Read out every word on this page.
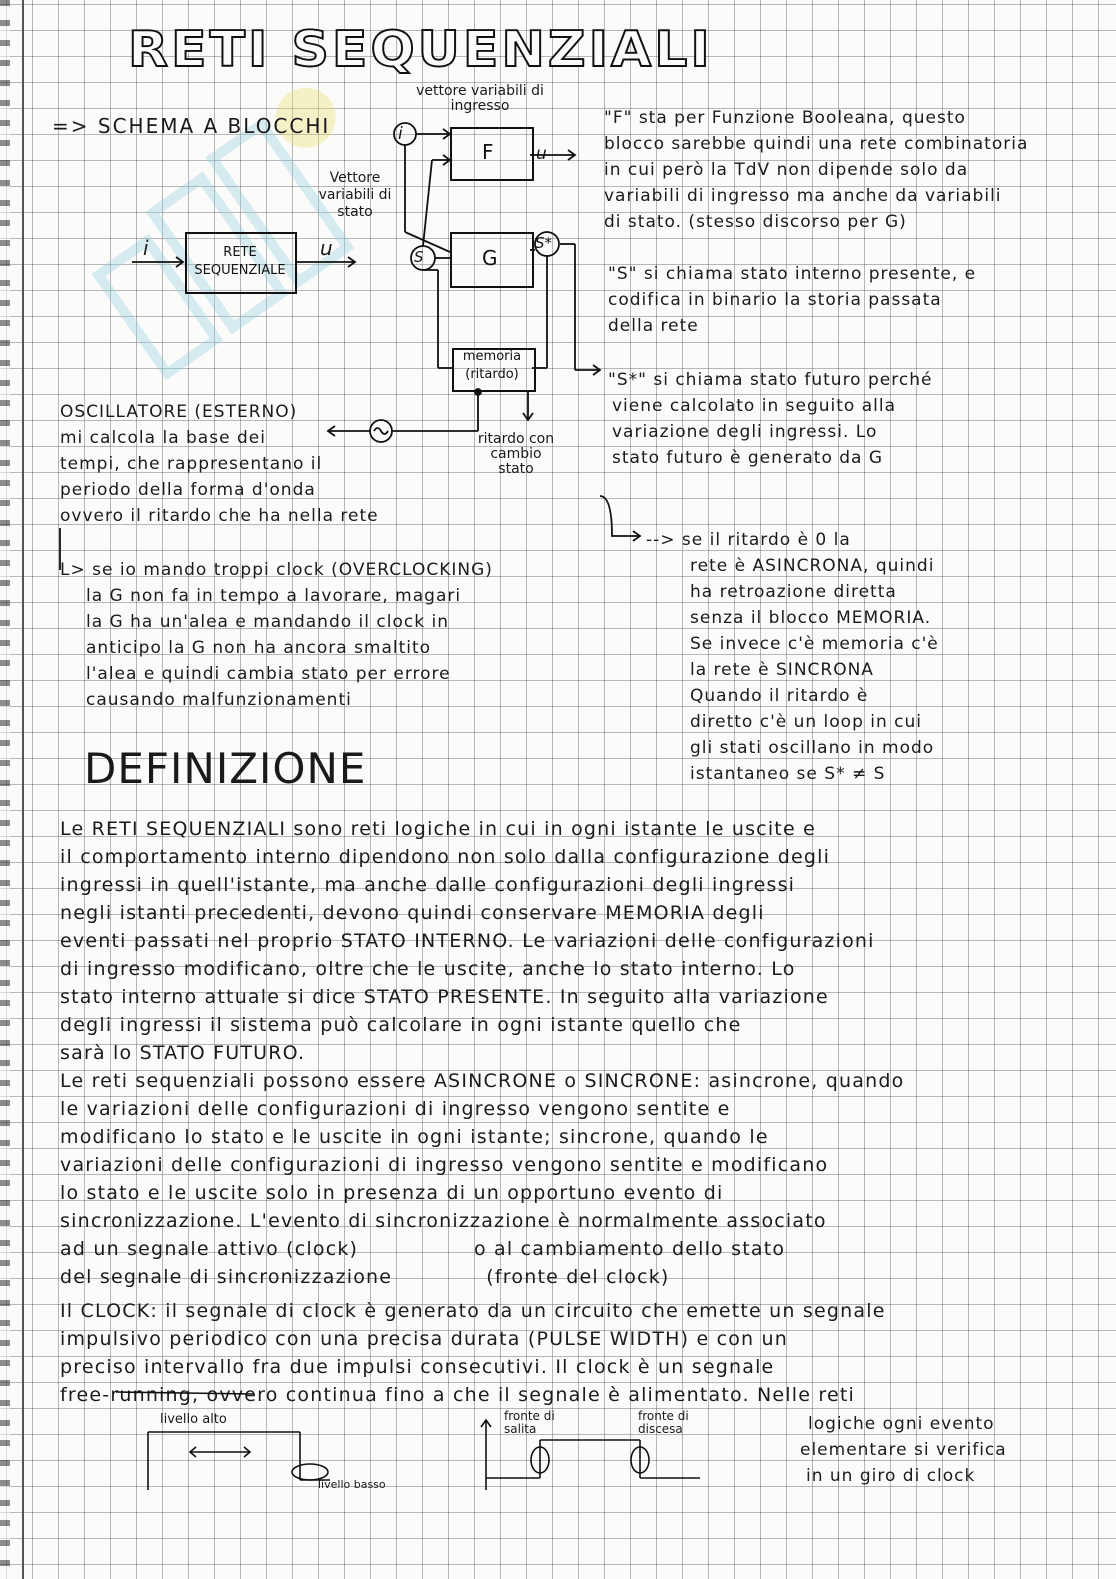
RETI SEQUENZIALI
=> SCHEMA A BLOCCHI
vettore variabili di ingresso
Vettore variabili di stato
RETE SEQUENZIALE
F
G
memoria (ritardo)
i	u
i
u
S
S*
ritardo con cambio stato
"F" sta per Funzione Booleana, questo
blocco sarebbe quindi una rete combinatoria
in cui però la TdV non dipende solo da
variabili di ingresso ma anche da variabili
di stato. (stesso discorso per G)
"S" si chiama stato interno presente, e
codifica in binario la storia passata
della rete
"S*" si chiama stato futuro perché
viene calcolato in seguito alla
variazione degli ingressi. Lo
stato futuro è generato da G
OSCILLATORE (ESTERNO)
mi calcola la base dei
tempi, che rappresentano il
periodo della forma d'onda
ovvero il ritardo che ha nella rete
L> se io mando troppi clock (OVERCLOCKING)
la G non fa in tempo a lavorare, magari
la G ha un'alea e mandando il clock in
anticipo la G non ha ancora smaltito
l'alea e quindi cambia stato per errore
causando malfunzionamenti
--> se il ritardo è 0 la
rete è ASINCRONA, quindi
ha retroazione diretta
senza il blocco MEMORIA.
Se invece c'è memoria c'è
la rete è SINCRONA
Quando il ritardo è
diretto c'è un loop in cui
gli stati oscillano in modo
istantaneo se S* ≠ S
DEFINIZIONE
Le RETI SEQUENZIALI sono reti logiche in cui in ogni istante le uscite e
il comportamento interno dipendono non solo dalla configurazione degli
ingressi in quell'istante, ma anche dalle configurazioni degli ingressi
negli istanti precedenti, devono quindi conservare MEMORIA degli
eventi passati nel proprio STATO INTERNO. Le variazioni delle configurazioni
di ingresso modificano, oltre che le uscite, anche lo stato interno. Lo
stato interno attuale si dice STATO PRESENTE. In seguito alla variazione
degli ingressi il sistema può calcolare in ogni istante quello che
sarà lo STATO FUTURO.
Le reti sequenziali possono essere ASINCRONE o SINCRONE: asincrone, quando
le variazioni delle configurazioni di ingresso vengono sentite e
modificano lo stato e le uscite in ogni istante; sincrone, quando le
variazioni delle configurazioni di ingresso vengono sentite e modificano
lo stato e le uscite solo in presenza di un opportuno evento di
sincronizzazione. L'evento di sincronizzazione è normalmente associato
ad un segnale attivo (clock)                o al cambiamento dello stato
del segnale di sincronizzazione             (fronte del clock)
Il CLOCK: il segnale di clock è generato da un circuito che emette un segnale
impulsivo periodico con una precisa durata (PULSE WIDTH) e con un
preciso intervallo fra due impulsi consecutivi. Il clock è un segnale
free-running, ovvero continua fino a che il segnale è alimentato. Nelle reti
logiche ogni evento
elementare si verifica
in un giro di clock
livello alto
livello basso
fronte di salita
fronte di discesa
